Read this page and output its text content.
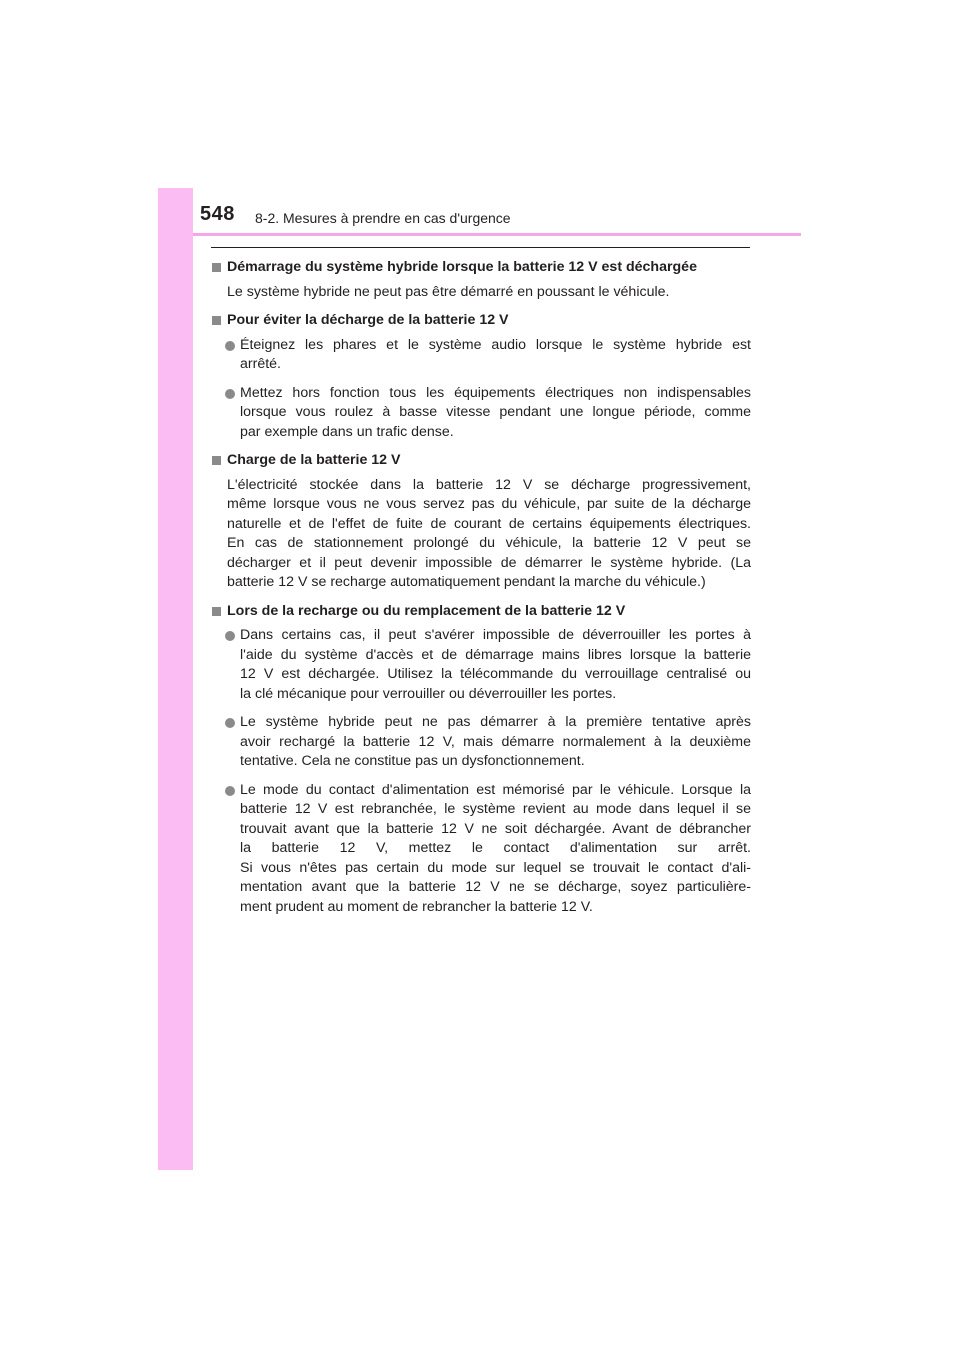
548 8-2. Mesures à prendre en cas d'urgence
Démarrage du système hybride lorsque la batterie 12 V est déchargée
Le système hybride ne peut pas être démarré en poussant le véhicule.
Pour éviter la décharge de la batterie 12 V
Éteignez les phares et le système audio lorsque le système hybride est
arrêté.
Mettez hors fonction tous les équipements électriques non indispensables
lorsque vous roulez à basse vitesse pendant une longue période, comme
par exemple dans un trafic dense.
Charge de la batterie 12 V
L'électricité stockée dans la batterie 12 V se décharge progressivement,
même lorsque vous ne vous servez pas du véhicule, par suite de la décharge
naturelle et de l'effet de fuite de courant de certains équipements électriques.
En cas de stationnement prolongé du véhicule, la batterie 12 V peut se
décharger et il peut devenir impossible de démarrer le système hybride. (La
batterie 12 V se recharge automatiquement pendant la marche du véhicule.)
Lors de la recharge ou du remplacement de la batterie 12 V
Dans certains cas, il peut s'avérer impossible de déverrouiller les portes à
l'aide du système d'accès et de démarrage mains libres lorsque la batterie
12 V est déchargée. Utilisez la télécommande du verrouillage centralisé ou
la clé mécanique pour verrouiller ou déverrouiller les portes.
Le système hybride peut ne pas démarrer à la première tentative après
avoir rechargé la batterie 12 V, mais démarre normalement à la deuxième
tentative. Cela ne constitue pas un dysfonctionnement.
Le mode du contact d'alimentation est mémorisé par le véhicule. Lorsque la
batterie 12 V est rebranchée, le système revient au mode dans lequel il se
trouvait avant que la batterie 12 V ne soit déchargée. Avant de débrancher
la batterie 12 V, mettez le contact d'alimentation sur arrêt.
Si vous n'êtes pas certain du mode sur lequel se trouvait le contact d'ali-
mentation avant que la batterie 12 V ne se décharge, soyez particulière-
ment prudent au moment de rebrancher la batterie 12 V.
